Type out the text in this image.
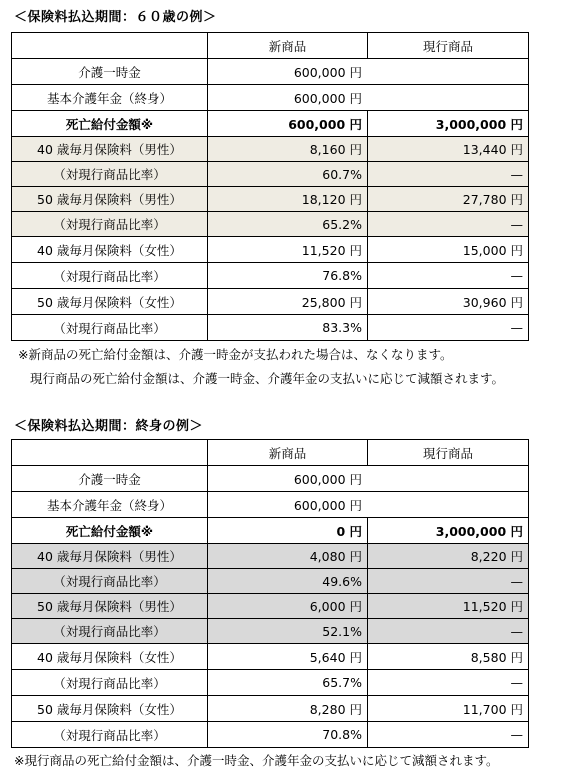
＜保険料払込期間：６０歳の例＞
	新商品	現行商品
介護一時金	600,000 円	
基本介護年金（終身）	600,000 円	
死亡給付金額※	600,000 円	3,000,000 円
40 歳毎月保険料（男性）	8,160 円	13,440 円
（対現行商品比率）	60.7%	—
50 歳毎月保険料（男性）	18,120 円	27,780 円
（対現行商品比率）	65.2%	—
40 歳毎月保険料（女性）	11,520 円	15,000 円
（対現行商品比率）	76.8%	—
50 歳毎月保険料（女性）	25,800 円	30,960 円
（対現行商品比率）	83.3%	—
※新商品の死亡給付金額は、介護一時金が支払われた場合は、なくなります。
現行商品の死亡給付金額は、介護一時金、介護年金の支払いに応じて減額されます。
＜保険料払込期間：終身の例＞
	新商品	現行商品
介護一時金	600,000 円	
基本介護年金（終身）	600,000 円	
死亡給付金額※	0 円	3,000,000 円
40 歳毎月保険料（男性）	4,080 円	8,220 円
（対現行商品比率）	49.6%	—
50 歳毎月保険料（男性）	6,000 円	11,520 円
（対現行商品比率）	52.1%	—
40 歳毎月保険料（女性）	5,640 円	8,580 円
（対現行商品比率）	65.7%	—
50 歳毎月保険料（女性）	8,280 円	11,700 円
（対現行商品比率）	70.8%	—
※現行商品の死亡給付金額は、介護一時金、介護年金の支払いに応じて減額されます。
